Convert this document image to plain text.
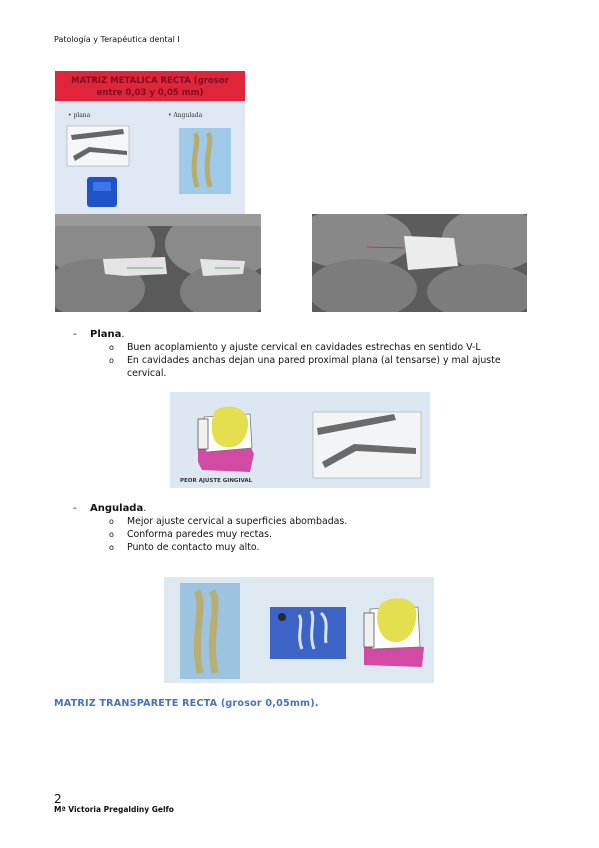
Patología y Terapéutica dental I
MATRIZ METALICA RECTA (grosor
entre 0,03 y 0,05 mm)
• plana	• Angulada
- Plana.
o Buen acoplamiento y ajuste cervical en cavidades estrechas en sentido V-L
o En cavidades anchas dejan una pared proximal plana (al tensarse) y mal ajuste cervical.
PEOR AJUSTE GINGIVAL
- Angulada.
o Mejor ajuste cervical a superficies abombadas.
o Conforma paredes muy rectas.
o Punto de contacto muy alto.
MATRIZ TRANSPARETE RECTA (grosor 0,05mm).
2
Mª Victoria Pregaldiny Gelfo
